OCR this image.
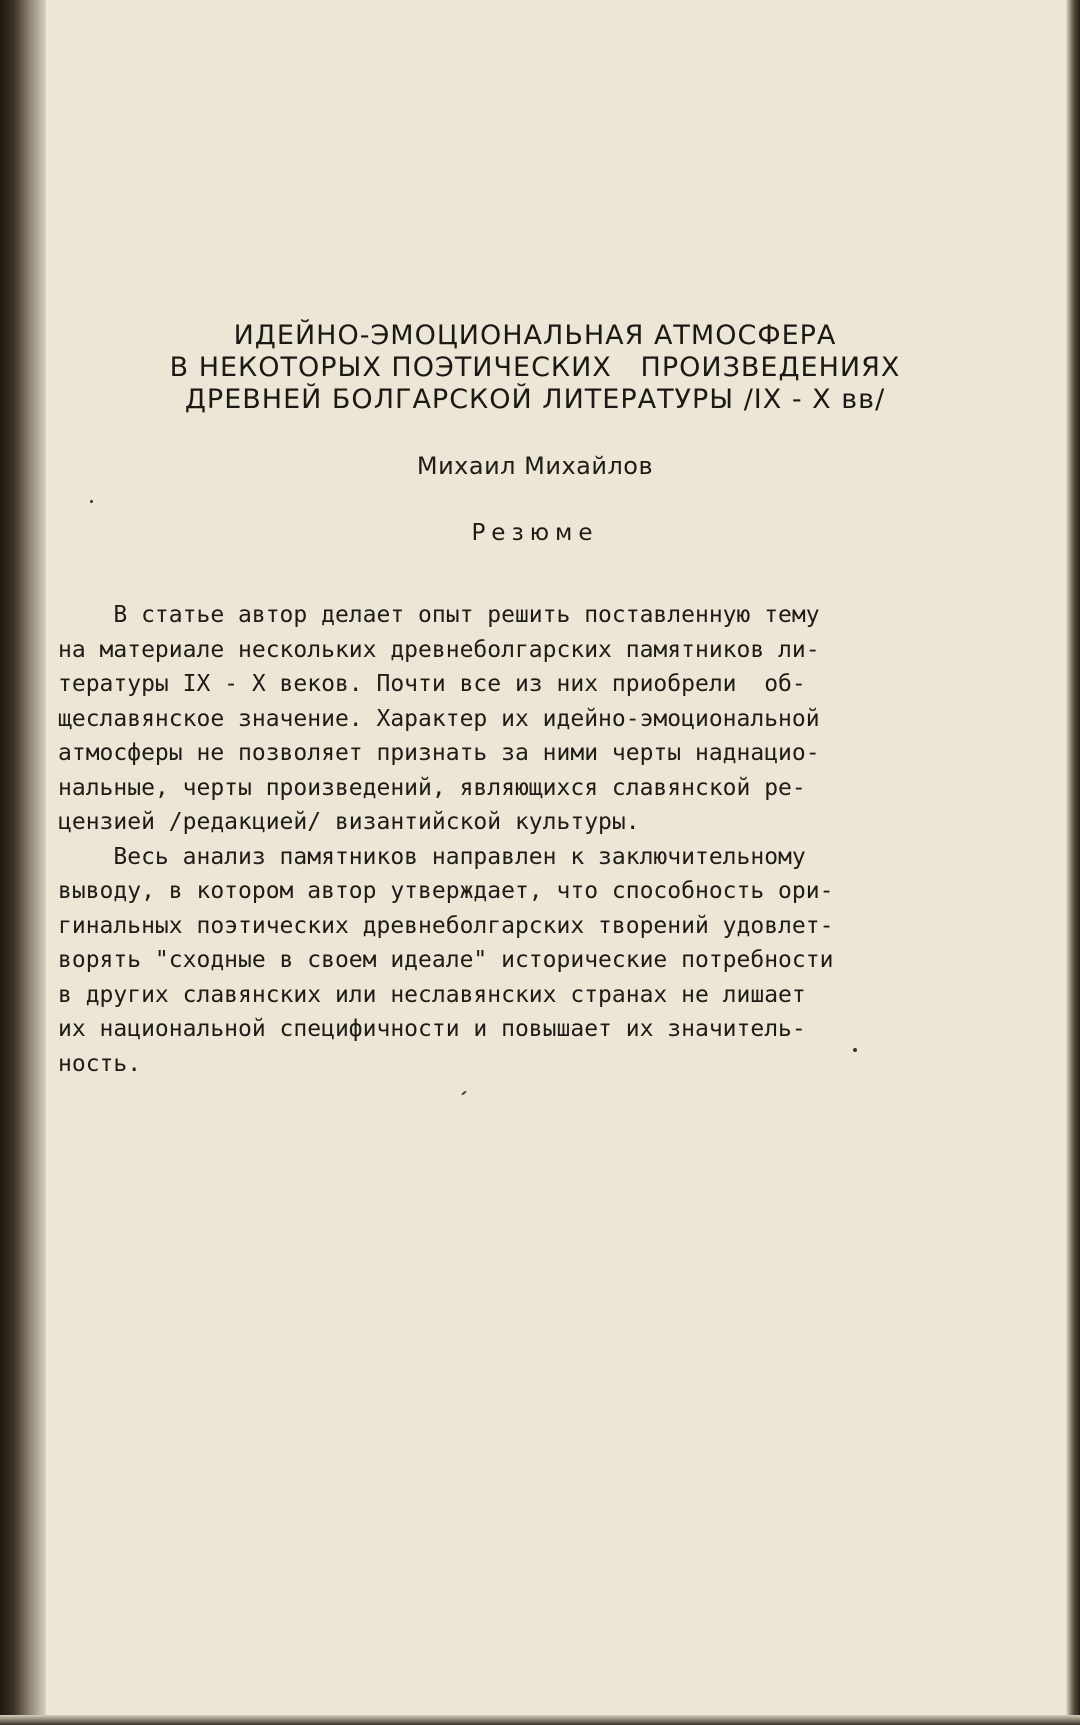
ИДЕЙНО-ЭМОЦИОНАЛЬНАЯ АТМОСФЕРА
В НЕКОТОРЫХ ПОЭТИЧЕСКИХ   ПРОИЗВЕДЕНИЯХ
ДРЕВНЕЙ БОЛГАРСКОЙ ЛИТЕРАТУРЫ /IX - X вв/
Михаил Михайлов
Резюме
В статье автор делает опыт решить поставленную тему
на материале нескольких древнеболгарских памятников ли-
тературы IX - X веков. Почти все из них приобрели  об-
щеславянское значение. Характер их идейно-эмоциональной
атмосферы не позволяет признать за ними черты наднацио-
нальные, черты произведений, являющихся славянской ре-
цензией /редакцией/ византийской культуры.
Весь анализ памятников направлен к заключительному
выводу, в котором автор утверждает, что способность ори-
гинальных поэтических древнеболгарских творений удовлет-
ворять "сходные в своем идеале" исторические потребности
в других славянских или неславянских странах не лишает
их национальной специфичности и повышает их значитель-
ность.
